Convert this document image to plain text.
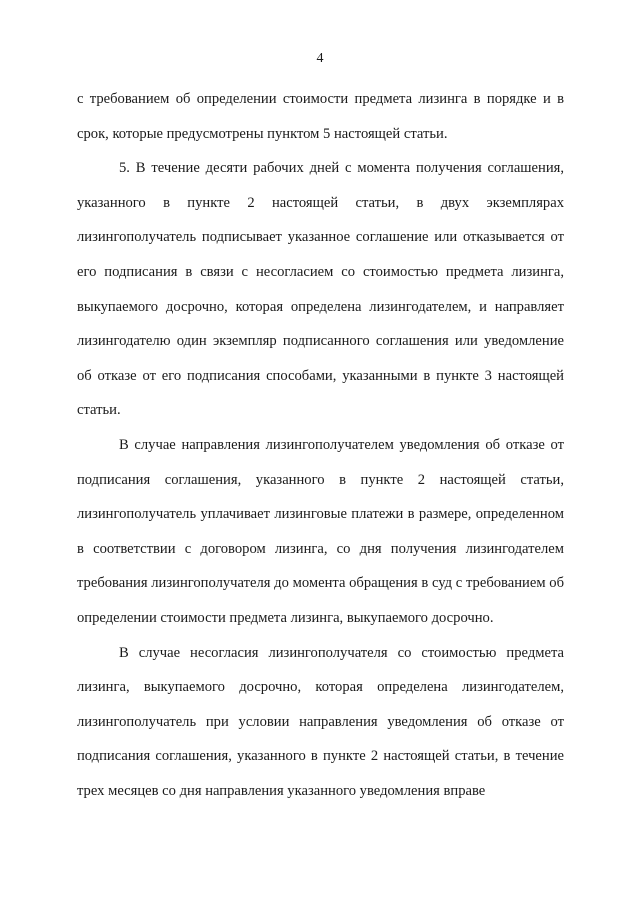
4

с требованием об определении стоимости предмета лизинга в порядке и в срок, которые предусмотрены пунктом 5 настоящей статьи.

5. В течение десяти рабочих дней с момента получения соглашения, указанного в пункте 2 настоящей статьи, в двух экземплярах лизингополучатель подписывает указанное соглашение или отказывается от его подписания в связи с несогласием со стоимостью предмета лизинга, выкупаемого досрочно, которая определена лизингодателем, и направляет лизингодателю один экземпляр подписанного соглашения или уведомление об отказе от его подписания способами, указанными в пункте 3 настоящей статьи.

В случае направления лизингополучателем уведомления об отказе от подписания соглашения, указанного в пункте 2 настоящей статьи, лизингополучатель уплачивает лизинговые платежи в размере, определенном в соответствии с договором лизинга, со дня получения лизингодателем требования лизингополучателя до момента обращения в суд с требованием об определении стоимости предмета лизинга, выкупаемого досрочно.

В случае несогласия лизингополучателя со стоимостью предмета лизинга, выкупаемого досрочно, которая определена лизингодателем, лизингополучатель при условии направления уведомления об отказе от подписания соглашения, указанного в пункте 2 настоящей статьи, в течение трех месяцев со дня направления указанного уведомления вправе
